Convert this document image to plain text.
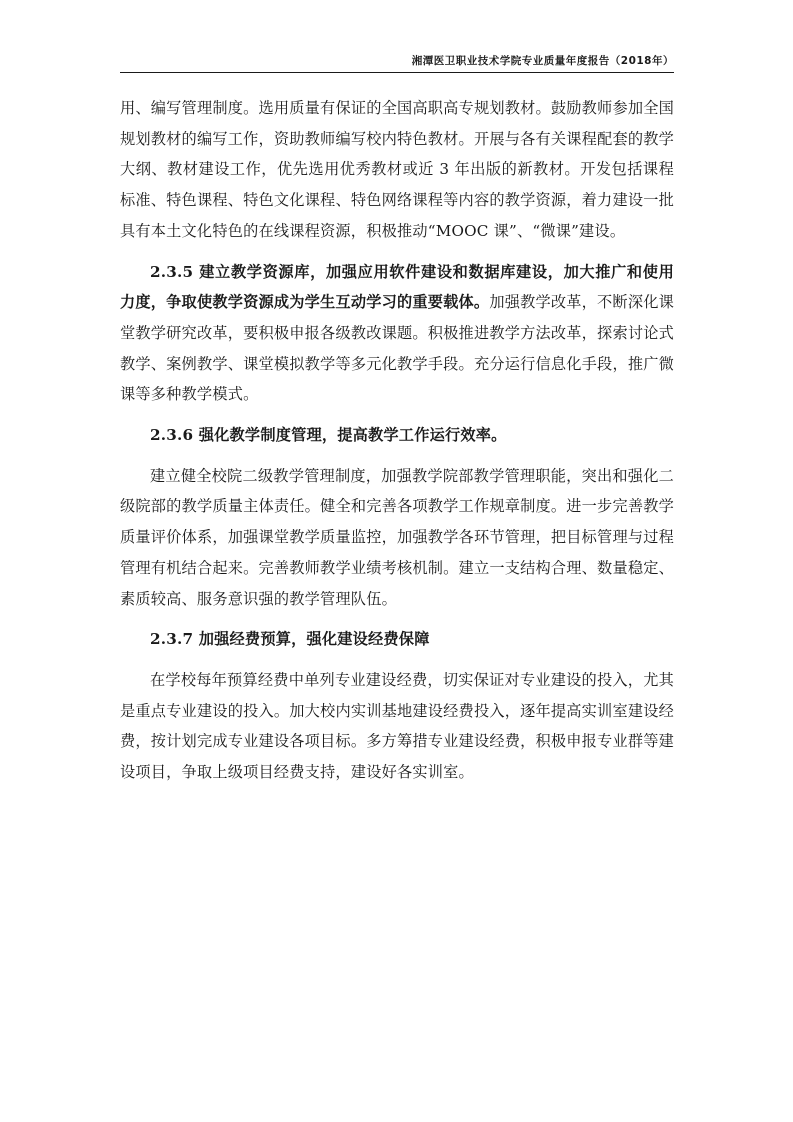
湘潭医卫职业技术学院专业质量年度报告（2018年）

用、编写管理制度。选用质量有保证的全国高职高专规划教材。鼓励教师参加全国规划教材的编写工作，资助教师编写校内特色教材。开展与各有关课程配套的教学大纲、教材建设工作，优先选用优秀教材或近 3 年出版的新教材。开发包括课程标准、特色课程、特色文化课程、特色网络课程等内容的教学资源，着力建设一批具有本土文化特色的在线课程资源，积极推动“MOOC 课”、“微课”建设。

2.3.5 建立教学资源库，加强应用软件建设和数据库建设，加大推广和使用力度，争取使教学资源成为学生互动学习的重要载体。加强教学改革，不断深化课堂教学研究改革，要积极申报各级教改课题。积极推进教学方法改革，探索讨论式教学、案例教学、课堂模拟教学等多元化教学手段。充分运行信息化手段，推广微课等多种教学模式。

2.3.6 强化教学制度管理，提高教学工作运行效率。

建立健全校院二级教学管理制度，加强教学院部教学管理职能，突出和强化二级院部的教学质量主体责任。健全和完善各项教学工作规章制度。进一步完善教学质量评价体系，加强课堂教学质量监控，加强教学各环节管理，把目标管理与过程管理有机结合起来。完善教师教学业绩考核机制。建立一支结构合理、数量稳定、素质较高、服务意识强的教学管理队伍。

2.3.7 加强经费预算，强化建设经费保障

在学校每年预算经费中单列专业建设经费，切实保证对专业建设的投入，尤其是重点专业建设的投入。加大校内实训基地建设经费投入，逐年提高实训室建设经费，按计划完成专业建设各项目标。多方筹措专业建设经费，积极申报专业群等建设项目，争取上级项目经费支持，建设好各实训室。
